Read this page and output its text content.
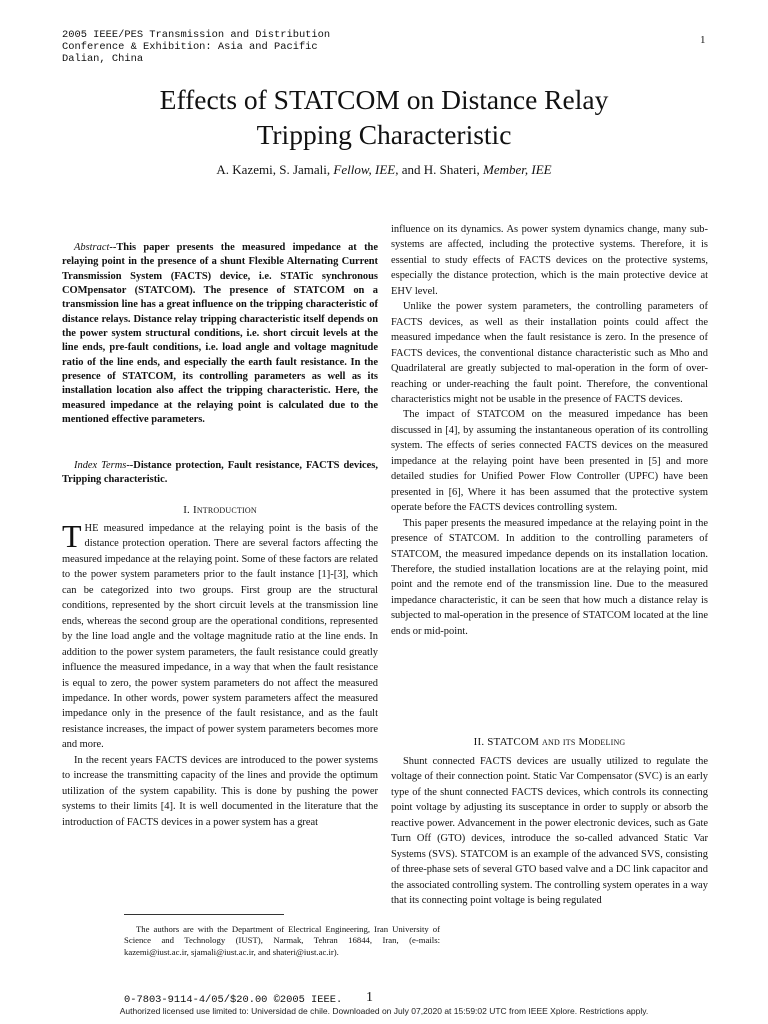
2005 IEEE/PES Transmission and Distribution
Conference & Exhibition: Asia and Pacific
Dalian, China
1
Effects of STATCOM on Distance Relay
Tripping Characteristic
A. Kazemi, S. Jamali, Fellow, IEE, and H. Shateri, Member, IEE

Abstract--This paper presents the measured impedance at the relaying point in the presence of a shunt Flexible Alternating Current Transmission System (FACTS) device, i.e. STATic synchronous COMpensator (STATCOM). The presence of STATCOM on a transmission line has a great influence on the tripping characteristic of distance relays. Distance relay tripping characteristic itself depends on the power system structural conditions, i.e. short circuit levels at the line ends, pre-fault conditions, i.e. load angle and voltage magnitude ratio of the line ends, and especially the earth fault resistance. In the presence of STATCOM, its controlling parameters as well as its installation location also affect the tripping characteristic. Here, the measured impedance at the relaying point is calculated due to the mentioned effective parameters.

Index Terms--Distance protection, Fault resistance, FACTS devices, Tripping characteristic.

I. Introduction

THE measured impedance at the relaying point is the basis of the distance protection operation. There are several factors affecting the measured impedance at the relaying point. Some of these factors are related to the power system parameters prior to the fault instance [1]-[3], which can be categorized into two groups. First group are the structural conditions, represented by the short circuit levels at the transmission line ends, whereas the second group are the operational conditions, represented by the line load angle and the voltage magnitude ratio at the line ends. In addition to the power system parameters, the fault resistance could greatly influence the measured impedance, in a way that when the fault resistance is equal to zero, the power system parameters do not affect the measured impedance. In other words, power system parameters affect the measured impedance only in the presence of the fault resistance, and as the fault resistance increases, the impact of power system parameters becomes more and more.

In the recent years FACTS devices are introduced to the power systems to increase the transmitting capacity of the lines and provide the optimum utilization of the system capability. This is done by pushing the power systems to their limits [4]. It is well documented in the literature that the introduction of FACTS devices in a power system has a great

The authors are with the Department of Electrical Engineering, Iran University of Science and Technology (IUST), Narmak, Tehran 16844, Iran, (e-mails: kazemi@iust.ac.ir, sjamali@iust.ac.ir, and shateri@iust.ac.ir).
0-7803-9114-4/05/$20.00 ©2005 IEEE.

influence on its dynamics. As power system dynamics change, many sub-systems are affected, including the protective systems. Therefore, it is essential to study effects of FACTS devices on the protective systems, especially the distance protection, which is the main protective device at EHV level.

Unlike the power system parameters, the controlling parameters of FACTS devices, as well as their installation points could affect the measured impedance when the fault resistance is zero. In the presence of FACTS devices, the conventional distance characteristic such as Mho and Quadrilateral are greatly subjected to mal-operation in the form of over-reaching or under-reaching the fault point. Therefore, the conventional characteristics might not be usable in the presence of FACTS devices.

The impact of STATCOM on the measured impedance has been discussed in [4], by assuming the instantaneous operation of its controlling system. The effects of series connected FACTS devices on the measured impedance at the relaying point have been presented in [5] and more detailed studies for Unified Power Flow Controller (UPFC) have been presented in [6], Where it has been assumed that the protective system operate before the FACTS devices controlling system.

This paper presents the measured impedance at the relaying point in the presence of STATCOM. In addition to the controlling parameters of STATCOM, the measured impedance depends on its installation location. Therefore, the studied installation locations are at the relaying point, mid point and the remote end of the transmission line. Due to the measured impedance characteristic, it can be seen that how much a distance relay is subjected to mal-operation in the presence of STATCOM located at the line ends or mid-point.

II. STATCOM and its Modeling

Shunt connected FACTS devices are usually utilized to regulate the voltage of their connection point. Static Var Compensator (SVC) is an early type of the shunt connected FACTS devices, which controls its connecting point voltage by adjusting its susceptance in order to supply or absorb the reactive power. Advancement in the power electronic devices, such as Gate Turn Off (GTO) devices, introduce the so-called advanced Static Var Systems (SVS). STATCOM is an example of the advanced SVS, consisting of three-phase sets of several GTO based valve and a DC link capacitor and the associated controlling system. The controlling system operates in a way that its connecting point voltage is being regulated

1
Authorized licensed use limited to: Universidad de chile. Downloaded on July 07,2020 at 15:59:02 UTC from IEEE Xplore. Restrictions apply.
